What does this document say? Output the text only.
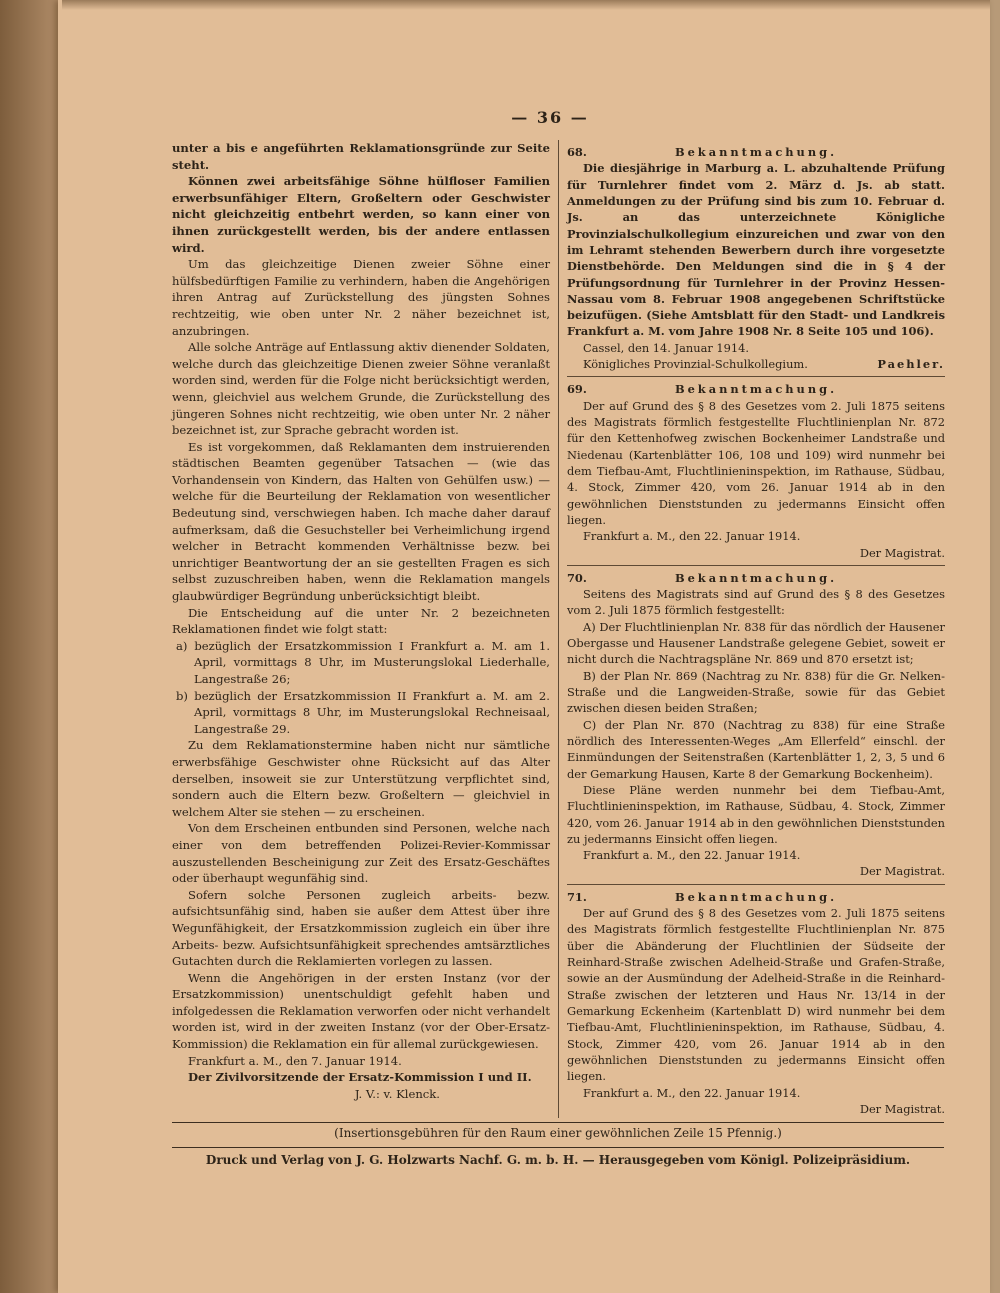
— 36 —

unter a bis e angeführten Reklamationsgründe zur Seite steht.

Können zwei arbeitsfähige Söhne hülfloser Familien erwerbsunfähiger Eltern, Großeltern oder Geschwister nicht gleichzeitig entbehrt werden, so kann einer von ihnen zurückgestellt werden, bis der andere entlassen wird.

Um das gleichzeitige Dienen zweier Söhne einer hülfsbedürftigen Familie zu verhindern, haben die Angehörigen ihren Antrag auf Zurückstellung des jüngsten Sohnes rechtzeitig, wie oben unter Nr. 2 näher bezeichnet ist, anzubringen.

Alle solche Anträge auf Entlassung aktiv dienender Soldaten, welche durch das gleichzeitige Dienen zweier Söhne veranlaßt worden sind, werden für die Folge nicht berücksichtigt werden, wenn, gleichviel aus welchem Grunde, die Zurückstellung des jüngeren Sohnes nicht rechtzeitig, wie oben unter Nr. 2 näher bezeichnet ist, zur Sprache gebracht worden ist.

Es ist vorgekommen, daß Reklamanten dem instruierenden städtischen Beamten gegenüber Tatsachen — (wie das Vorhandensein von Kindern, das Halten von Gehülfen usw.) — welche für die Beurteilung der Reklamation von wesentlicher Bedeutung sind, verschwiegen haben. Ich mache daher darauf aufmerksam, daß die Gesuchsteller bei Verheimlichung irgend welcher in Betracht kommenden Verhältnisse bezw. bei unrichtiger Beantwortung der an sie gestellten Fragen es sich selbst zuzuschreiben haben, wenn die Reklamation mangels glaubwürdiger Begründung unberücksichtigt bleibt.

Die Entscheidung auf die unter Nr. 2 bezeichneten Reklamationen findet wie folgt statt:

a) bezüglich der Ersatzkommission I Frankfurt a. M. am 1. April, vormittags 8 Uhr, im Musterungslokal Liederhalle, Langestraße 26;
b) bezüglich der Ersatzkommission II Frankfurt a. M. am 2. April, vormittags 8 Uhr, im Musterungslokal Rechneisaal, Langestraße 29.

Zu dem Reklamationstermine haben nicht nur sämtliche erwerbsfähige Geschwister ohne Rücksicht auf das Alter derselben, insoweit sie zur Unterstützung verpflichtet sind, sondern auch die Eltern bezw. Großeltern — gleichviel in welchem Alter sie stehen — zu erscheinen.

Von dem Erscheinen entbunden sind Personen, welche nach einer von dem betreffenden Polizei-Revier-Kommissar auszustellenden Bescheinigung zur Zeit des Ersatz-Geschäftes oder überhaupt wegunfähig sind.

Sofern solche Personen zugleich arbeits- bezw. aufsichtsunfähig sind, haben sie außer dem Attest über ihre Wegunfähigkeit, der Ersatzkommission zugleich ein über ihre Arbeits- bezw. Aufsichtsunfähigkeit sprechendes amtsärztliches Gutachten durch die Reklamierten vorlegen zu lassen.

Wenn die Angehörigen in der ersten Instanz (vor der Ersatzkommission) unentschuldigt gefehlt haben und infolgedessen die Reklamation verworfen oder nicht verhandelt worden ist, wird in der zweiten Instanz (vor der Ober-Ersatz-Kommission) die Reklamation ein für allemal zurückgewiesen.

Frankfurt a. M., den 7. Januar 1914.

Der Zivilvorsitzende der Ersatz-Kommission I und II.

J. V.: v. Klenck.

68.	Bekanntmachung.

Die diesjährige in Marburg a. L. abzuhaltende Prüfung für Turnlehrer findet vom 2. März d. Js. ab statt. Anmeldungen zu der Prüfung sind bis zum 10. Februar d. Js. an das unterzeichnete Königliche Provinzialschulkollegium einzureichen und zwar von den im Lehramt stehenden Bewerbern durch ihre vorgesetzte Dienstbehörde. Den Meldungen sind die in § 4 der Prüfungsordnung für Turnlehrer in der Provinz Hessen-Nassau vom 8. Februar 1908 angegebenen Schriftstücke beizufügen. (Siehe Amtsblatt für den Stadt- und Landkreis Frankfurt a. M. vom Jahre 1908 Nr. 8 Seite 105 und 106).

Cassel, den 14. Januar 1914.

Königliches Provinzial-Schulkollegium.	Paehler.
69.	Bekanntmachung.

Der auf Grund des § 8 des Gesetzes vom 2. Juli 1875 seitens des Magistrats förmlich festgestellte Fluchtlinienplan Nr. 872 für den Kettenhofweg zwischen Bockenheimer Landstraße und Niedenau (Kartenblätter 106, 108 und 109) wird nunmehr bei dem Tiefbau-Amt, Fluchtlinieninspektion, im Rathause, Südbau, 4. Stock, Zimmer 420, vom 26. Januar 1914 ab in den gewöhnlichen Dienststunden zu jedermanns Einsicht offen liegen.

Frankfurt a. M., den 22. Januar 1914.

Der Magistrat.

70.	Bekanntmachung.

Seitens des Magistrats sind auf Grund des § 8 des Gesetzes vom 2. Juli 1875 förmlich festgestellt:

A) Der Fluchtlinienplan Nr. 838 für das nördlich der Hausener Obergasse und Hausener Landstraße gelegene Gebiet, soweit er nicht durch die Nachtragspläne Nr. 869 und 870 ersetzt ist;

B) der Plan Nr. 869 (Nachtrag zu Nr. 838) für die Gr. Nelken-Straße und die Langweiden-Straße, sowie für das Gebiet zwischen diesen beiden Straßen;

C) der Plan Nr. 870 (Nachtrag zu 838) für eine Straße nördlich des Interessenten-Weges „Am Ellerfeld“ einschl. der Einmündungen der Seitenstraßen (Kartenblätter 1, 2, 3, 5 und 6 der Gemarkung Hausen, Karte 8 der Gemarkung Bockenheim).

Diese Pläne werden nunmehr bei dem Tiefbau-Amt, Fluchtlinieninspektion, im Rathause, Südbau, 4. Stock, Zimmer 420, vom 26. Januar 1914 ab in den gewöhnlichen Dienststunden zu jedermanns Einsicht offen liegen.

Frankfurt a. M., den 22. Januar 1914.

Der Magistrat.

71.	Bekanntmachung.

Der auf Grund des § 8 des Gesetzes vom 2. Juli 1875 seitens des Magistrats förmlich festgestellte Fluchtlinienplan Nr. 875 über die Abänderung der Fluchtlinien der Südseite der Reinhard-Straße zwischen Adelheid-Straße und Grafen-Straße, sowie an der Ausmündung der Adelheid-Straße in die Reinhard-Straße zwischen der letzteren und Haus Nr. 13/14 in der Gemarkung Eckenheim (Kartenblatt D) wird nunmehr bei dem Tiefbau-Amt, Fluchtlinieninspektion, im Rathause, Südbau, 4. Stock, Zimmer 420, vom 26. Januar 1914 ab in den gewöhnlichen Dienststunden zu jedermanns Einsicht offen liegen.

Frankfurt a. M., den 22. Januar 1914.

Der Magistrat.

(Insertionsgebühren für den Raum einer gewöhnlichen Zeile 15 Pfennig.)
Druck und Verlag von J. G. Holzwarts Nachf. G. m. b. H. — Herausgegeben vom Königl. Polizeipräsidium.
